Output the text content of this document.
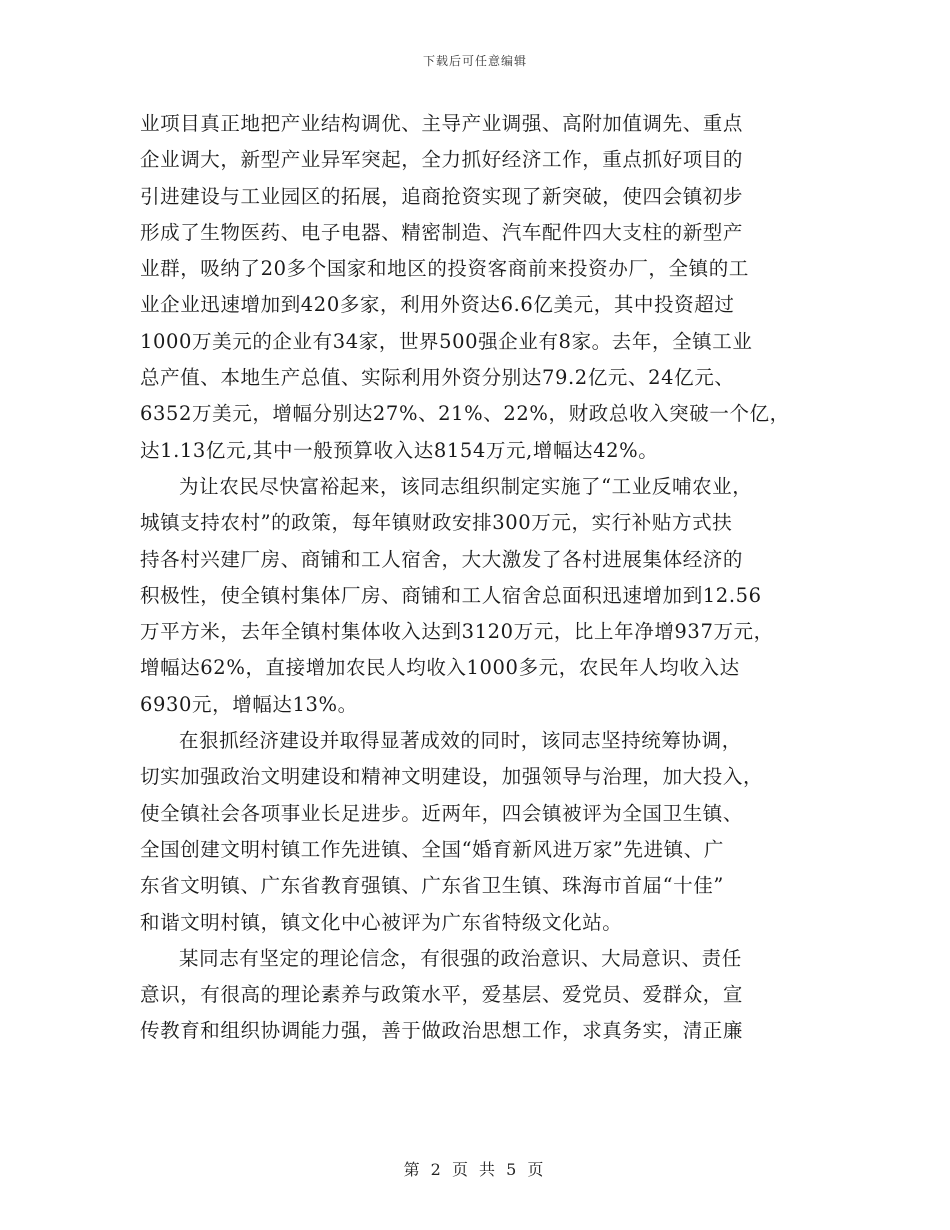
下载后可任意编辑

业项目真正地把产业结构调优、主导产业调强、高附加值调先、重点
企业调大，新型产业异军突起，全力抓好经济工作，重点抓好项目的
引进建设与工业园区的拓展，追商抢资实现了新突破，使四会镇初步
形成了生物医药、电子电器、精密制造、汽车配件四大支柱的新型产
业群，吸纳了20多个国家和地区的投资客商前来投资办厂，全镇的工
业企业迅速增加到420多家，利用外资达6.6亿美元，其中投资超过
1000万美元的企业有34家，世界500强企业有8家。去年，全镇工业
总产值、本地生产总值、实际利用外资分别达79.2亿元、24亿元、
6352万美元，增幅分别达27%、21%、22%，财政总收入突破一个亿，
达1.13亿元,其中一般预算收入达8154万元,增幅达42%。

为让农民尽快富裕起来，该同志组织制定实施了“工业反哺农业，
城镇支持农村”的政策，每年镇财政安排300万元，实行补贴方式扶
持各村兴建厂房、商铺和工人宿舍，大大激发了各村进展集体经济的
积极性，使全镇村集体厂房、商铺和工人宿舍总面积迅速增加到12.56
万平方米，去年全镇村集体收入达到3120万元，比上年净增937万元，
增幅达62%，直接增加农民人均收入1000多元，农民年人均收入达
6930元，增幅达13%。

在狠抓经济建设并取得显著成效的同时，该同志坚持统筹协调，
切实加强政治文明建设和精神文明建设，加强领导与治理，加大投入，
使全镇社会各项事业长足进步。近两年，四会镇被评为全国卫生镇、
全国创建文明村镇工作先进镇、全国“婚育新风进万家”先进镇、广
东省文明镇、广东省教育强镇、广东省卫生镇、珠海市首届“十佳”
和谐文明村镇，镇文化中心被评为广东省特级文化站。

某同志有坚定的理论信念，有很强的政治意识、大局意识、责任
意识，有很高的理论素养与政策水平，爱基层、爱党员、爱群众，宣
传教育和组织协调能力强，善于做政治思想工作，求真务实，清正廉

第 2 页 共 5 页
